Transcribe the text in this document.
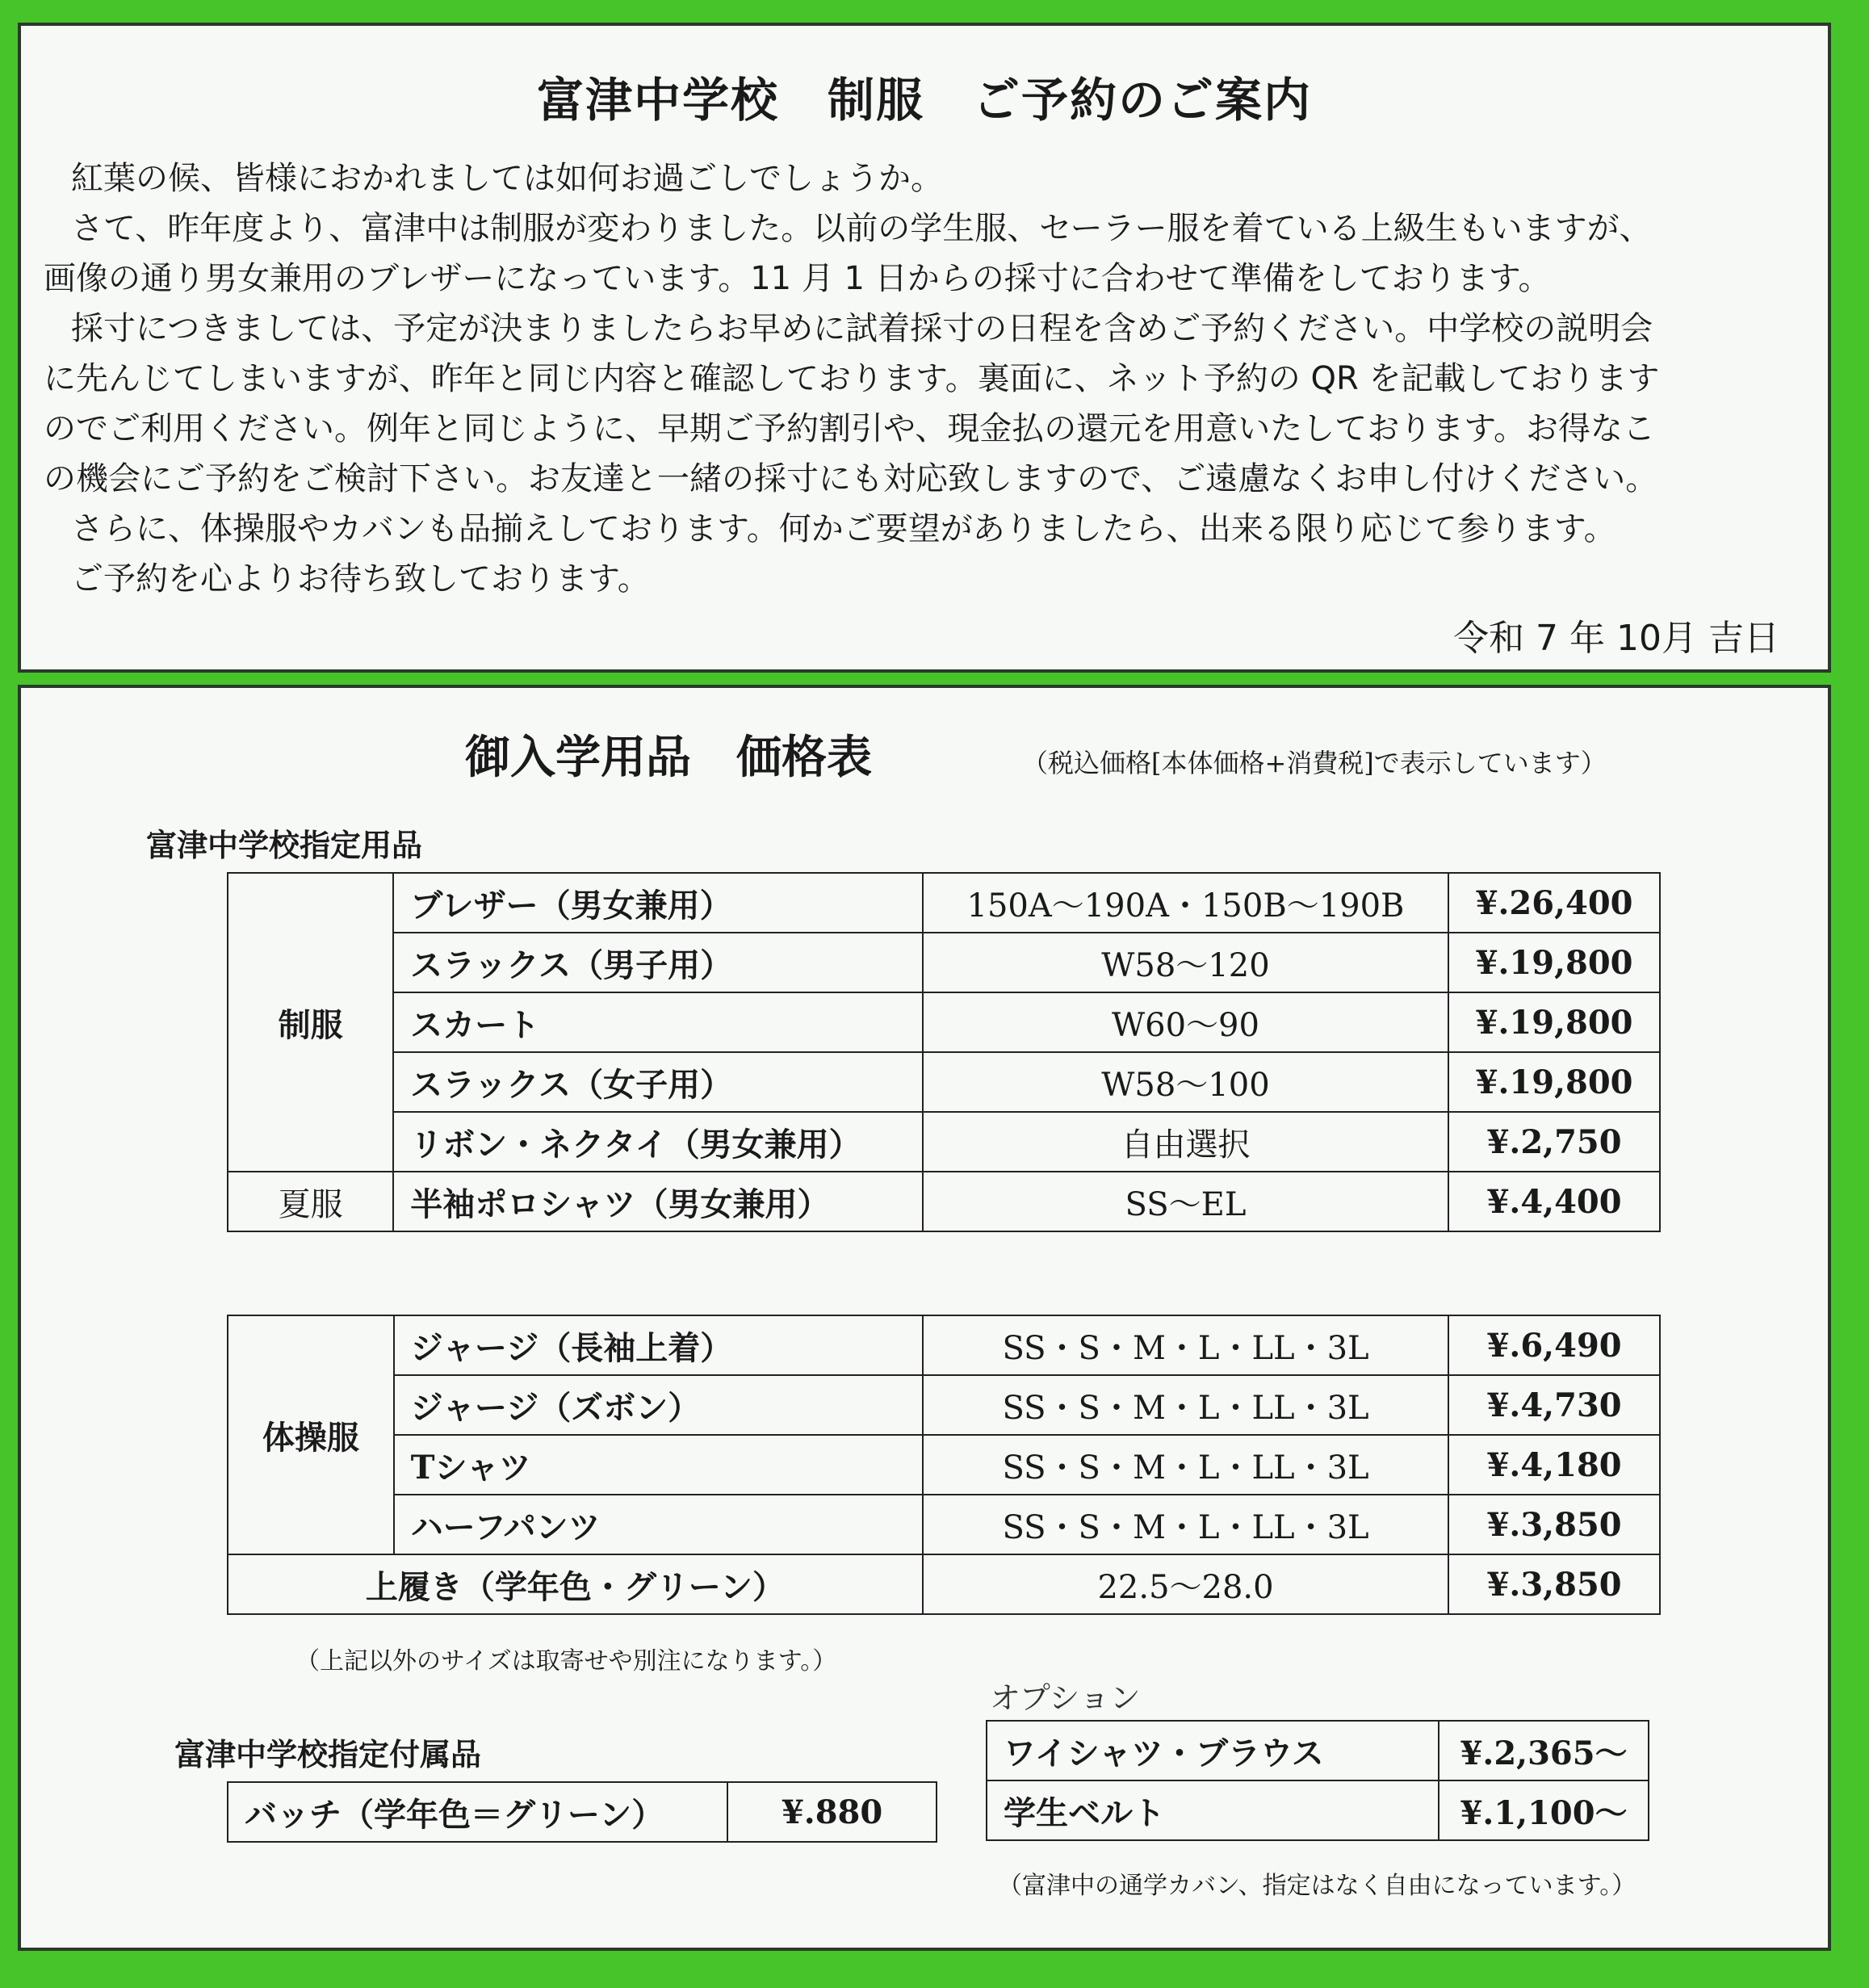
富津中学校　制服　ご予約のご案内
紅葉の候、皆様におかれましては如何お過ごしでしょうか。
さて、昨年度より、富津中は制服が変わりました。以前の学生服、セーラー服を着ている上級生もいますが、
画像の通り男女兼用のブレザーになっています。11 月 1 日からの採寸に合わせて準備をしております。
採寸につきましては、予定が決まりましたらお早めに試着採寸の日程を含めご予約ください。中学校の説明会
に先んじてしまいますが、昨年と同じ内容と確認しております。裏面に、ネット予約の QR を記載しております
のでご利用ください。例年と同じように、早期ご予約割引や、現金払の還元を用意いたしております。お得なこ
の機会にご予約をご検討下さい。お友達と一緒の採寸にも対応致しますので、ご遠慮なくお申し付けください。
さらに、体操服やカバンも品揃えしております。何かご要望がありましたら、出来る限り応じて参ります。
ご予約を心よりお待ち致しております。
令和 7 年 10月 吉日
御入学用品　価格表	（税込価格[本体価格+消費税]で表示しています）
富津中学校指定用品
制服	ブレザー（男女兼用）	150A～190A・150B～190B	¥.26,400
	スラックス（男子用）	W58～120	¥.19,800
	スカート	W60～90	¥.19,800
	スラックス（女子用）	W58～100	¥.19,800
	リボン・ネクタイ（男女兼用）	自由選択	¥.2,750
夏服	半袖ポロシャツ（男女兼用）	SS～EL	¥.4,400
体操服	ジャージ（長袖上着）	SS・S・M・L・LL・3L	¥.6,490
	ジャージ（ズボン）	SS・S・M・L・LL・3L	¥.4,730
	Tシャツ	SS・S・M・L・LL・3L	¥.4,180
	ハーフパンツ	SS・S・M・L・LL・3L	¥.3,850
上履き（学年色・グリーン）		22.5～28.0	¥.3,850
（上記以外のサイズは取寄せや別注になります。）
富津中学校指定付属品
バッチ（学年色＝グリーン）	¥.880
オプション
ワイシャツ・ブラウス	¥.2,365～
学生ベルト	¥.1,100～
（富津中の通学カバン、指定はなく自由になっています。）
